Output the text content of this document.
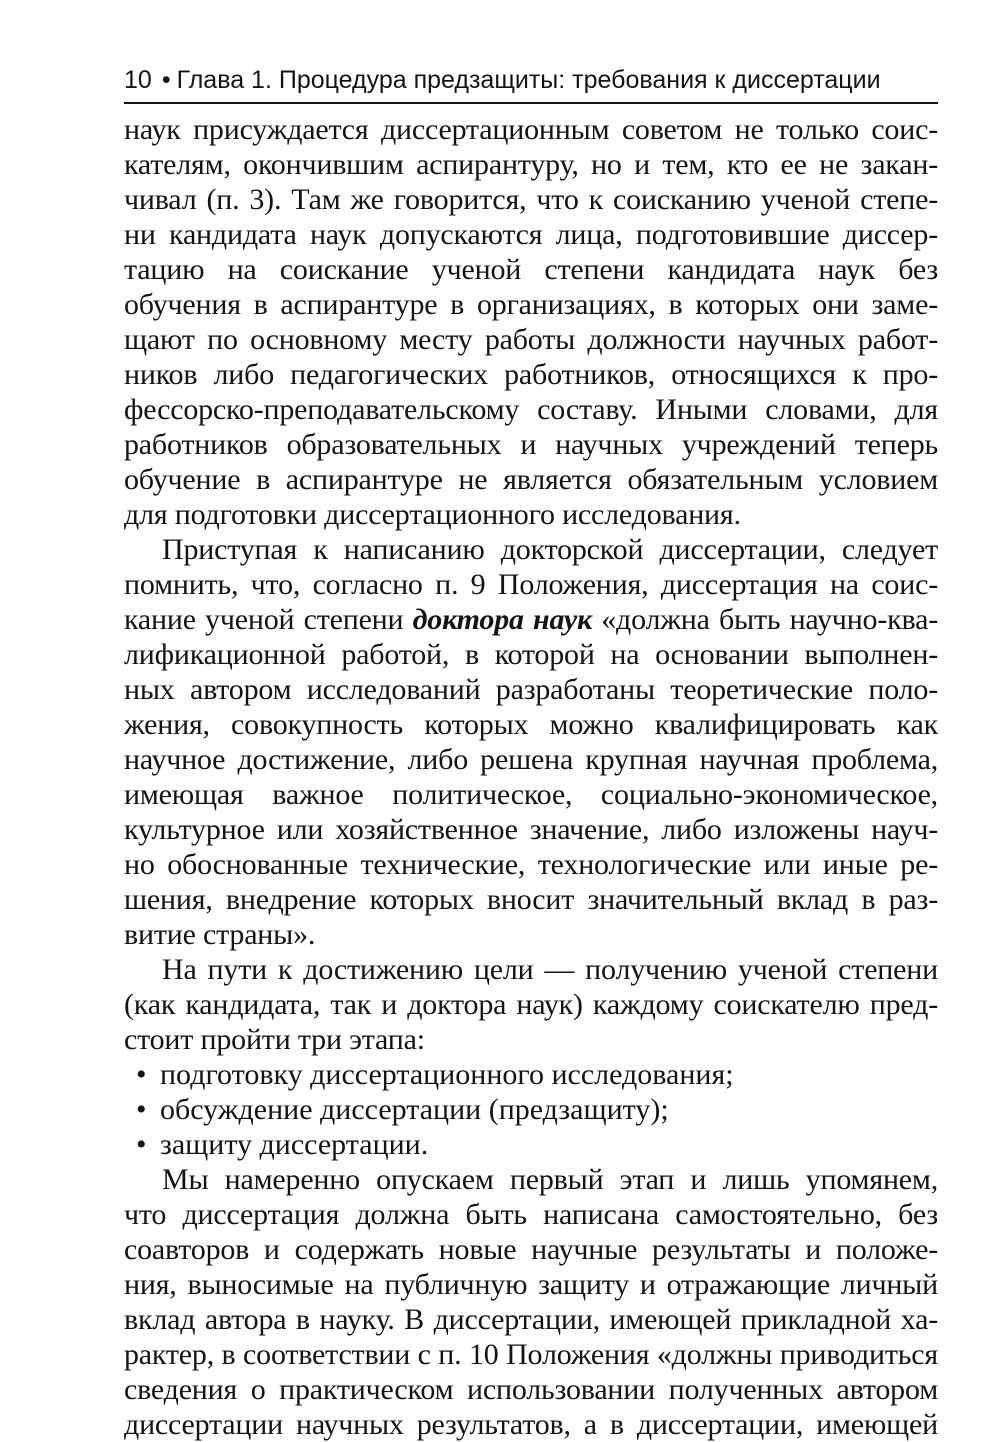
10 • Глава 1. Процедура предзащиты: требования к диссертации

наук присуждается диссертационным советом не только соис-
кателям, окончившим аспирантуру, но и тем, кто ее не закан-
чивал (п. 3). Там же говорится, что к соисканию ученой степе-
ни кандидата наук допускаются лица, подготовившие диссер-
тацию на соискание ученой степени кандидата наук без
обучения в аспирантуре в организациях, в которых они заме-
щают по основному месту работы должности научных работ-
ников либо педагогических работников, относящихся к про-
фессорско-преподавательскому составу. Иными словами, для
работников образовательных и научных учреждений теперь
обучение в аспирантуре не является обязательным условием
для подготовки диссертационного исследования.

Приступая к написанию докторской диссертации, следует
помнить, что, согласно п. 9 Положения, диссертация на соис-
кание ученой степени доктора наук «должна быть научно-ква-
лификационной работой, в которой на основании выполнен-
ных автором исследований разработаны теоретические поло-
жения, совокупность которых можно квалифицировать как
научное достижение, либо решена крупная научная проблема,
имеющая важное политическое, социально-экономическое,
культурное или хозяйственное значение, либо изложены науч-
но обоснованные технические, технологические или иные ре-
шения, внедрение которых вносит значительный вклад в раз-
витие страны».

На пути к достижению цели — получению ученой степени
(как кандидата, так и доктора наук) каждому соискателю пред-
стоит пройти три этапа:

• подготовку диссертационного исследования;
• обсуждение диссертации (предзащиту);
• защиту диссертации.

Мы намеренно опускаем первый этап и лишь упомянем,
что диссертация должна быть написана самостоятельно, без
соавторов и содержать новые научные результаты и положе-
ния, выносимые на публичную защиту и отражающие личный
вклад автора в науку. В диссертации, имеющей прикладной ха-
рактер, в соответствии с п. 10 Положения «должны приводиться
сведения о практическом использовании полученных автором
диссертации научных результатов, а в диссертации, имеющей
